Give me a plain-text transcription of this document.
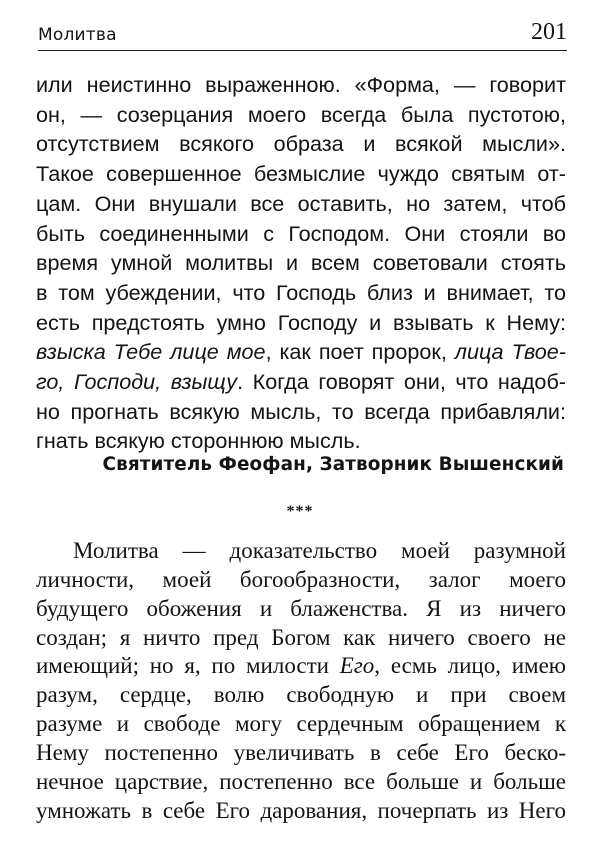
Молитва	201
или неистинно выраженною. «Форма, — говорит
он, — созерцания моего всегда была пустотою,
отсутствием всякого образа и всякой мысли».
Такое совершенное безмыслие чуждо святым от-
цам. Они внушали все оставить, но затем, чтоб
быть соединенными с Господом. Они стояли во
время умной молитвы и всем советовали стоять
в том убеждении, что Господь близ и внимает, то
есть предстоять умно Господу и взывать к Нему:
взыска Тебе лице мое, как поет пророк, лица Твое-
го, Господи, взыщу. Когда говорят они, что надоб-
но прогнать всякую мысль, то всегда прибавляли:
гнать всякую стороннюю мысль.
Святитель Феофан, Затворник Вышенский
***
Молитва — доказательство моей разумной
личности, моей богообразности, залог моего
будущего обожения и блаженства. Я из ничего
создан; я ничто пред Богом как ничего своего не
имеющий; но я, по милости Его, есмь лицо, имею
разум, сердце, волю свободную и при своем
разуме и свободе могу сердечным обращением к
Нему постепенно увеличивать в себе Его беско-
нечное царствие, постепенно все больше и больше
умножать в себе Его дарования, почерпать из Него
